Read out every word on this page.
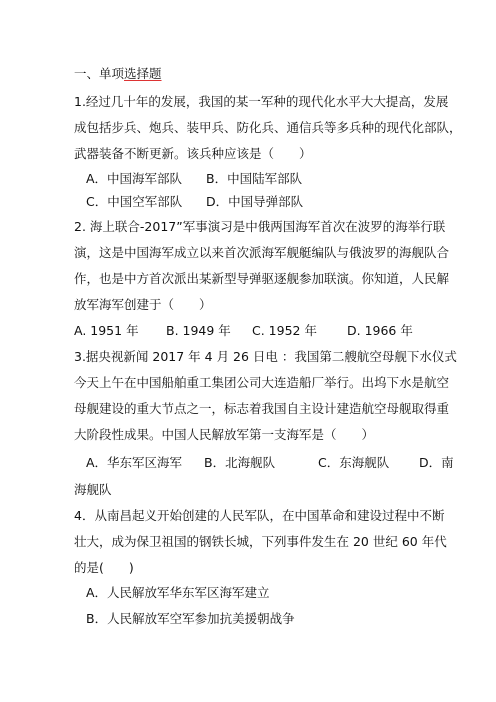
一、单项选择题
1.经过几十年的发展，我国的某一军种的现代化水平大大提高，发展
成包括步兵、炮兵、装甲兵、防化兵、通信兵等多兵种的现代化部队，
武器装备不断更新。该兵种应该是（　　）
A．中国海军部队 B．中国陆军部队
C．中国空军部队 D．中国导弹部队
2. 海上联合-2017”军事演习是中俄两国海军首次在波罗的海举行联
演，这是中国海军成立以来首次派海军舰艇编队与俄波罗的海舰队合
作，也是中方首次派出某新型导弹驱逐舰参加联演。你知道，人民解
放军海军创建于（　　）
A. 1951 年 B. 1949 年 C. 1952 年 D. 1966 年
3.据央视新闻 2017 年 4 月 26 日电 ：我国第二艘航空母舰下水仪式
今天上午在中国船舶重工集团公司大连造船厂举行。出坞下水是航空
母舰建设的重大节点之一，标志着我国自主设计建造航空母舰取得重
大阶段性成果。中国人民解放军第一支海军是（　　）
A．华东军区海军 B．北海舰队	C．东海舰队 D．南
海舰队
4．从南昌起义开始创建的人民军队，在中国革命和建设过程中不断
壮大，成为保卫祖国的钢铁长城，下列事件发生在 20 世纪 60 年代
的是(　　)
A．人民解放军华东军区海军建立
B．人民解放军空军参加抗美援朝战争
